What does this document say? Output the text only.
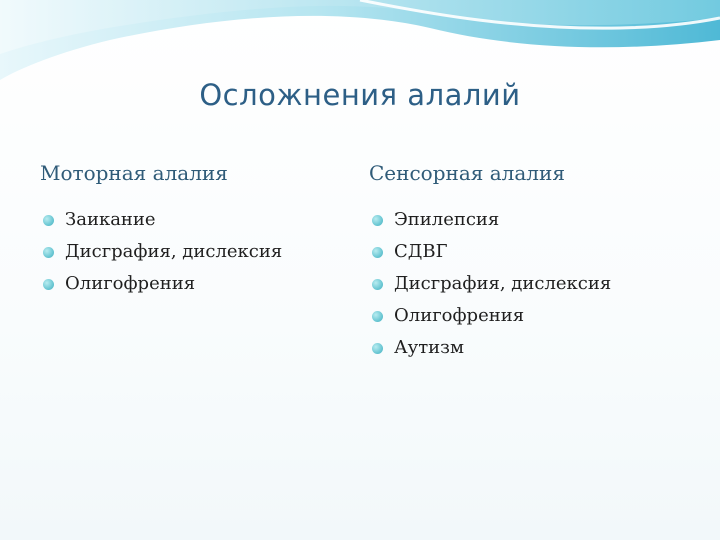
Осложнения алалий
Моторная алалия
Заикание
Дисграфия, дислексия
Олигофрения
Сенсорная алалия
Эпилепсия
СДВГ
Дисграфия, дислексия
Олигофрения
Аутизм
